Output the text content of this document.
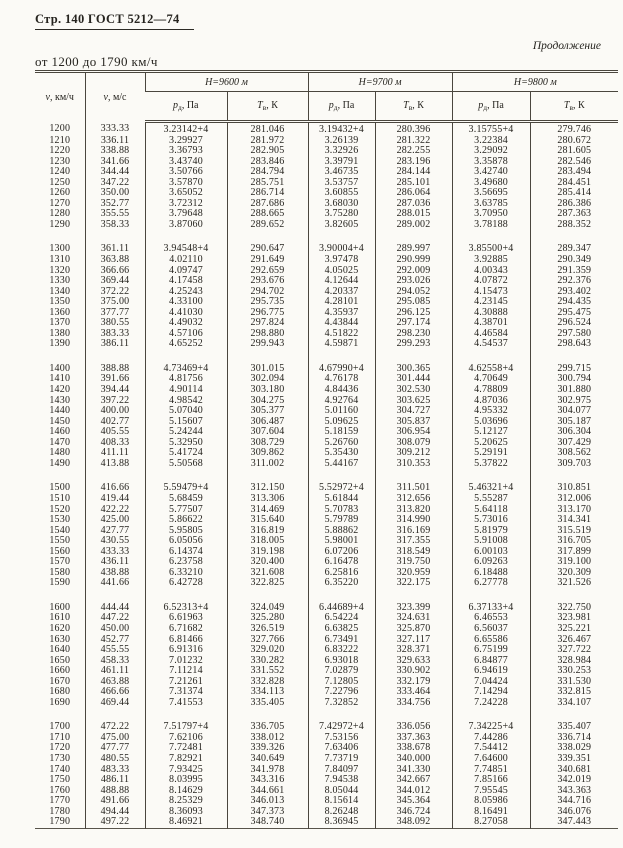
Стр. 140 ГОСТ 5212—74
Продолжение
от 1200 до 1790 км/ч
v, км/ч	v, м/с	Н=9600 м		Н=9700 м		Н=9800 м	
		$p_д$, Па	$T_в$, К	$p_д$, Па	$T_в$, К	$p_д$, Па	$T_в$, К
1200	333.33	3.23142+4	281.046	3.19432+4	280.396	3.15755+4	279.746
1210	336.11	3.29927	281.972	3.26139	281.322	3.22384	280.672
1220	338.88	3.36793	282.905	3.32926	282.255	3.29092	281.605
1230	341.66	3.43740	283.846	3.39791	283.196	3.35878	282.546
1240	344.44	3.50766	284.794	3.46735	284.144	3.42740	283.494
1250	347.22	3.57870	285.751	3.53757	285.101	3.49680	284.451
1260	350.00	3.65052	286.714	3.60855	286.064	3.56695	285.414
1270	352.77	3.72312	287.686	3.68030	287.036	3.63785	286.386
1280	355.55	3.79648	288.665	3.75280	288.015	3.70950	287.363
1290	358.33	3.87060	289.652	3.82605	289.002	3.78188	288.352

1300	361.11	3.94548+4	290.647	3.90004+4	289.997	3.85500+4	289.347
1310	363.88	4.02110	291.649	3.97478	290.999	3.92885	290.349
1320	366.66	4.09747	292.659	4.05025	292.009	4.00343	291.359
1330	369.44	4.17458	293.676	4.12644	293.026	4.07872	292.376
1340	372.22	4.25243	294.702	4.20337	294.052	4.15473	293.402
1350	375.00	4.33100	295.735	4.28101	295.085	4.23145	294.435
1360	377.77	4.41030	296.775	4.35937	296.125	4.30888	295.475
1370	380.55	4.49032	297.824	4.43844	297.174	4.38701	296.524
1380	383.33	4.57106	298.880	4.51822	298.230	4.46584	297.580
1390	386.11	4.65252	299.943	4.59871	299.293	4.54537	298.643

1400	388.88	4.73469+4	301.015	4.67990+4	300.365	4.62558+4	299.715
1410	391.66	4.81756	302.094	4.76178	301.444	4.70649	300.794
1420	394.44	4.90114	303.180	4.84436	302.530	4.78809	301.880
1430	397.22	4.98542	304.275	4.92764	303.625	4.87036	302.975
1440	400.00	5.07040	305.377	5.01160	304.727	4.95332	304.077
1450	402.77	5.15607	306.487	5.09625	305.837	5.03696	305.187
1460	405.55	5.24244	307.604	5.18159	306.954	5.12127	306.304
1470	408.33	5.32950	308.729	5.26760	308.079	5.20625	307.429
1480	411.11	5.41724	309.862	5.35430	309.212	5.29191	308.562
1490	413.88	5.50568	311.002	5.44167	310.353	5.37822	309.703

1500	416.66	5.59479+4	312.150	5.52972+4	311.501	5.46321+4	310.851
1510	419.44	5.68459	313.306	5.61844	312.656	5.55287	312.006
1520	422.22	5.77507	314.469	5.70783	313.820	5.64118	313.170
1530	425.00	5.86622	315.640	5.79789	314.990	5.73016	314.341
1540	427.77	5.95805	316.819	5.88862	316.169	5.81979	315.519
1550	430.55	6.05056	318.005	5.98001	317.355	5.91008	316.705
1560	433.33	6.14374	319.198	6.07206	318.549	6.00103	317.899
1570	436.11	6.23758	320.400	6.16478	319.750	6.09263	319.100
1580	438.88	6.33210	321.608	6.25816	320.959	6.18488	320.309
1590	441.66	6.42728	322.825	6.35220	322.175	6.27778	321.526

1600	444.44	6.52313+4	324.049	6.44689+4	323.399	6.37133+4	322.750
1610	447.22	6.61963	325.280	6.54224	324.631	6.46553	323.981
1620	450.00	6.71682	326.519	6.63825	325.870	6.56037	325.221
1630	452.77	6.81466	327.766	6.73491	327.117	6.65586	326.467
1640	455.55	6.91316	329.020	6.83222	328.371	6.75199	327.722
1650	458.33	7.01232	330.282	6.93018	329.633	6.84877	328.984
1660	461.11	7.11214	331.552	7.02879	330.902	6.94619	330.253
1670	463.88	7.21261	332.828	7.12805	332.179	7.04424	331.530
1680	466.66	7.31374	334.113	7.22796	333.464	7.14294	332.815
1690	469.44	7.41553	335.405	7.32852	334.756	7.24228	334.107

1700	472.22	7.51797+4	336.705	7.42972+4	336.056	7.34225+4	335.407
1710	475.00	7.62106	338.012	7.53156	337.363	7.44286	336.714
1720	477.77	7.72481	339.326	7.63406	338.678	7.54412	338.029
1730	480.55	7.82921	340.649	7.73719	340.000	7.64600	339.351
1740	483.33	7.93425	341.978	7.84097	341.330	7.74851	340.681
1750	486.11	8.03995	343.316	7.94538	342.667	7.85166	342.019
1760	488.88	8.14629	344.661	8.05044	344.012	7.95545	343.363
1770	491.66	8.25329	346.013	8.15614	345.364	8.05986	344.716
1780	494.44	8.36093	347.373	8.26248	346.724	8.16491	346.076
1790	497.22	8.46921	348.740	8.36945	348.092	8.27058	347.443
